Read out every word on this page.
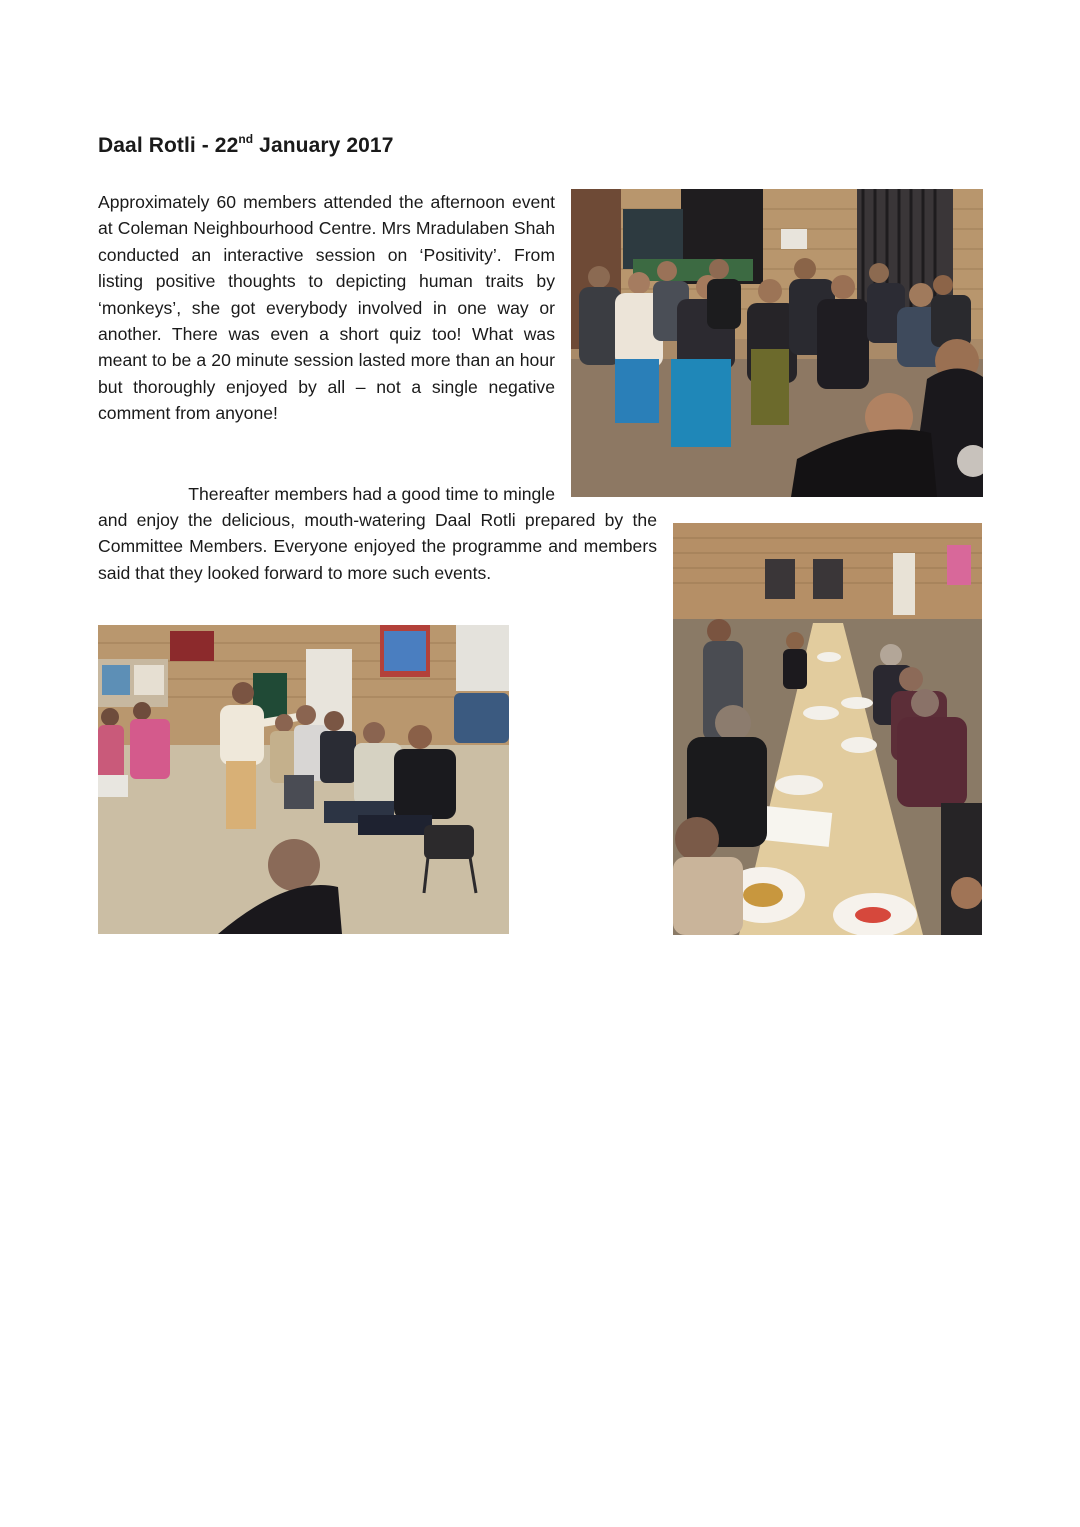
Daal Rotli - 22nd January 2017

Approximately 60 members attended the afternoon event at Coleman Neighbourhood Centre. Mrs Mradulaben Shah conducted an interactive session on ‘Positivity’. From listing positive thoughts to depicting human traits by ‘monkeys’, she got everybody involved in one way or another. There was even a short quiz too! What was meant to be a 20 minute session lasted more than an hour but thoroughly enjoyed by all – not a single negative comment from anyone!

Thereafter members had a good time to mingle

and enjoy the delicious, mouth-watering Daal Rotli prepared by the Committee Members. Everyone enjoyed the programme and members said that they looked forward to more such events.
